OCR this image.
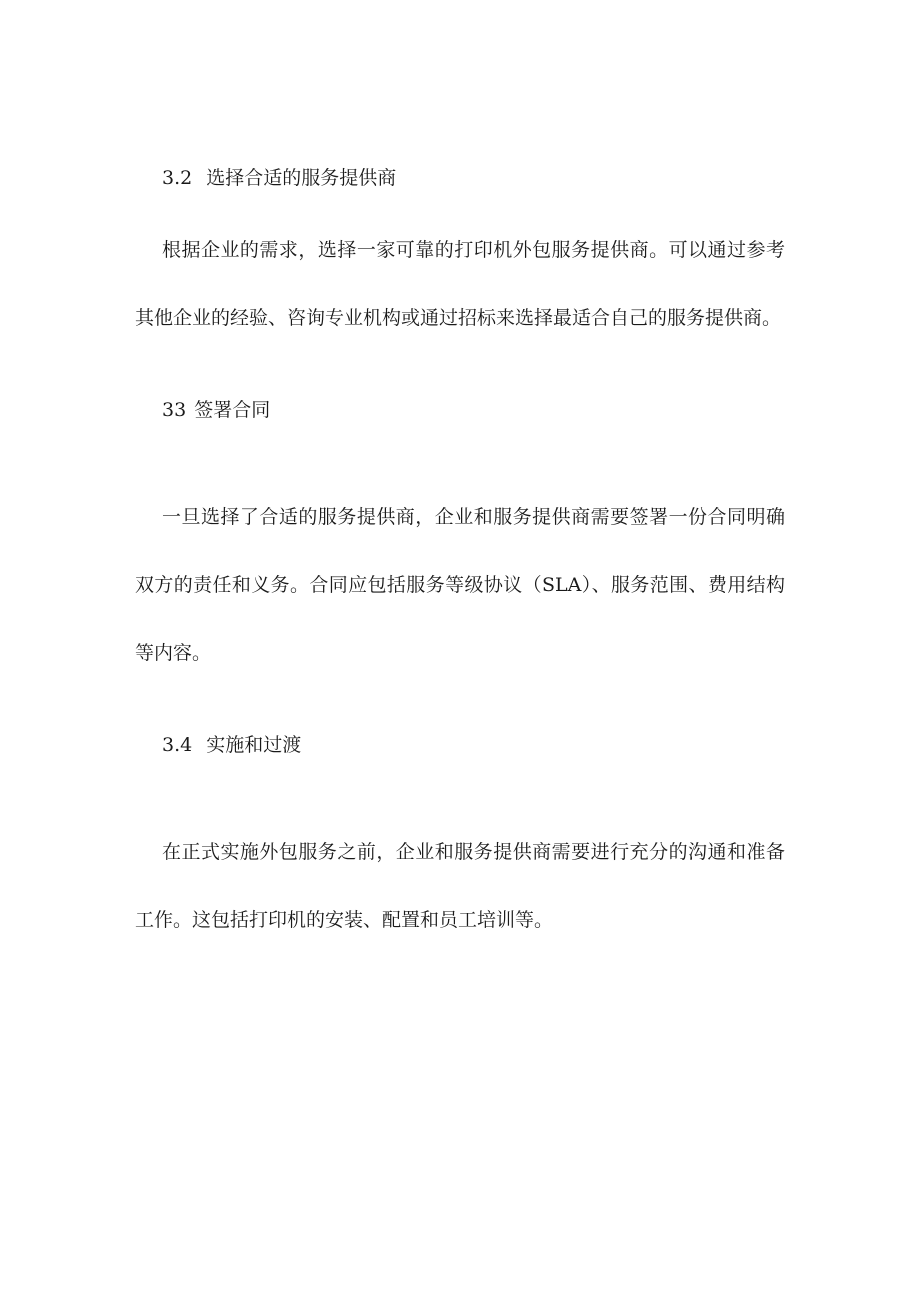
3.2 选择合适的服务提供商

根据企业的需求，选择一家可靠的打印机外包服务提供商。可以通过参考其他企业的经验、咨询专业机构或通过招标来选择最适合自己的服务提供商。

33 签署合同

一旦选择了合适的服务提供商，企业和服务提供商需要签署一份合同明确双方的责任和义务。合同应包括服务等级协议（SLA）、服务范围、费用结构等内容。

3.4 实施和过渡

在正式实施外包服务之前，企业和服务提供商需要进行充分的沟通和准备工作。这包括打印机的安装、配置和员工培训等。
